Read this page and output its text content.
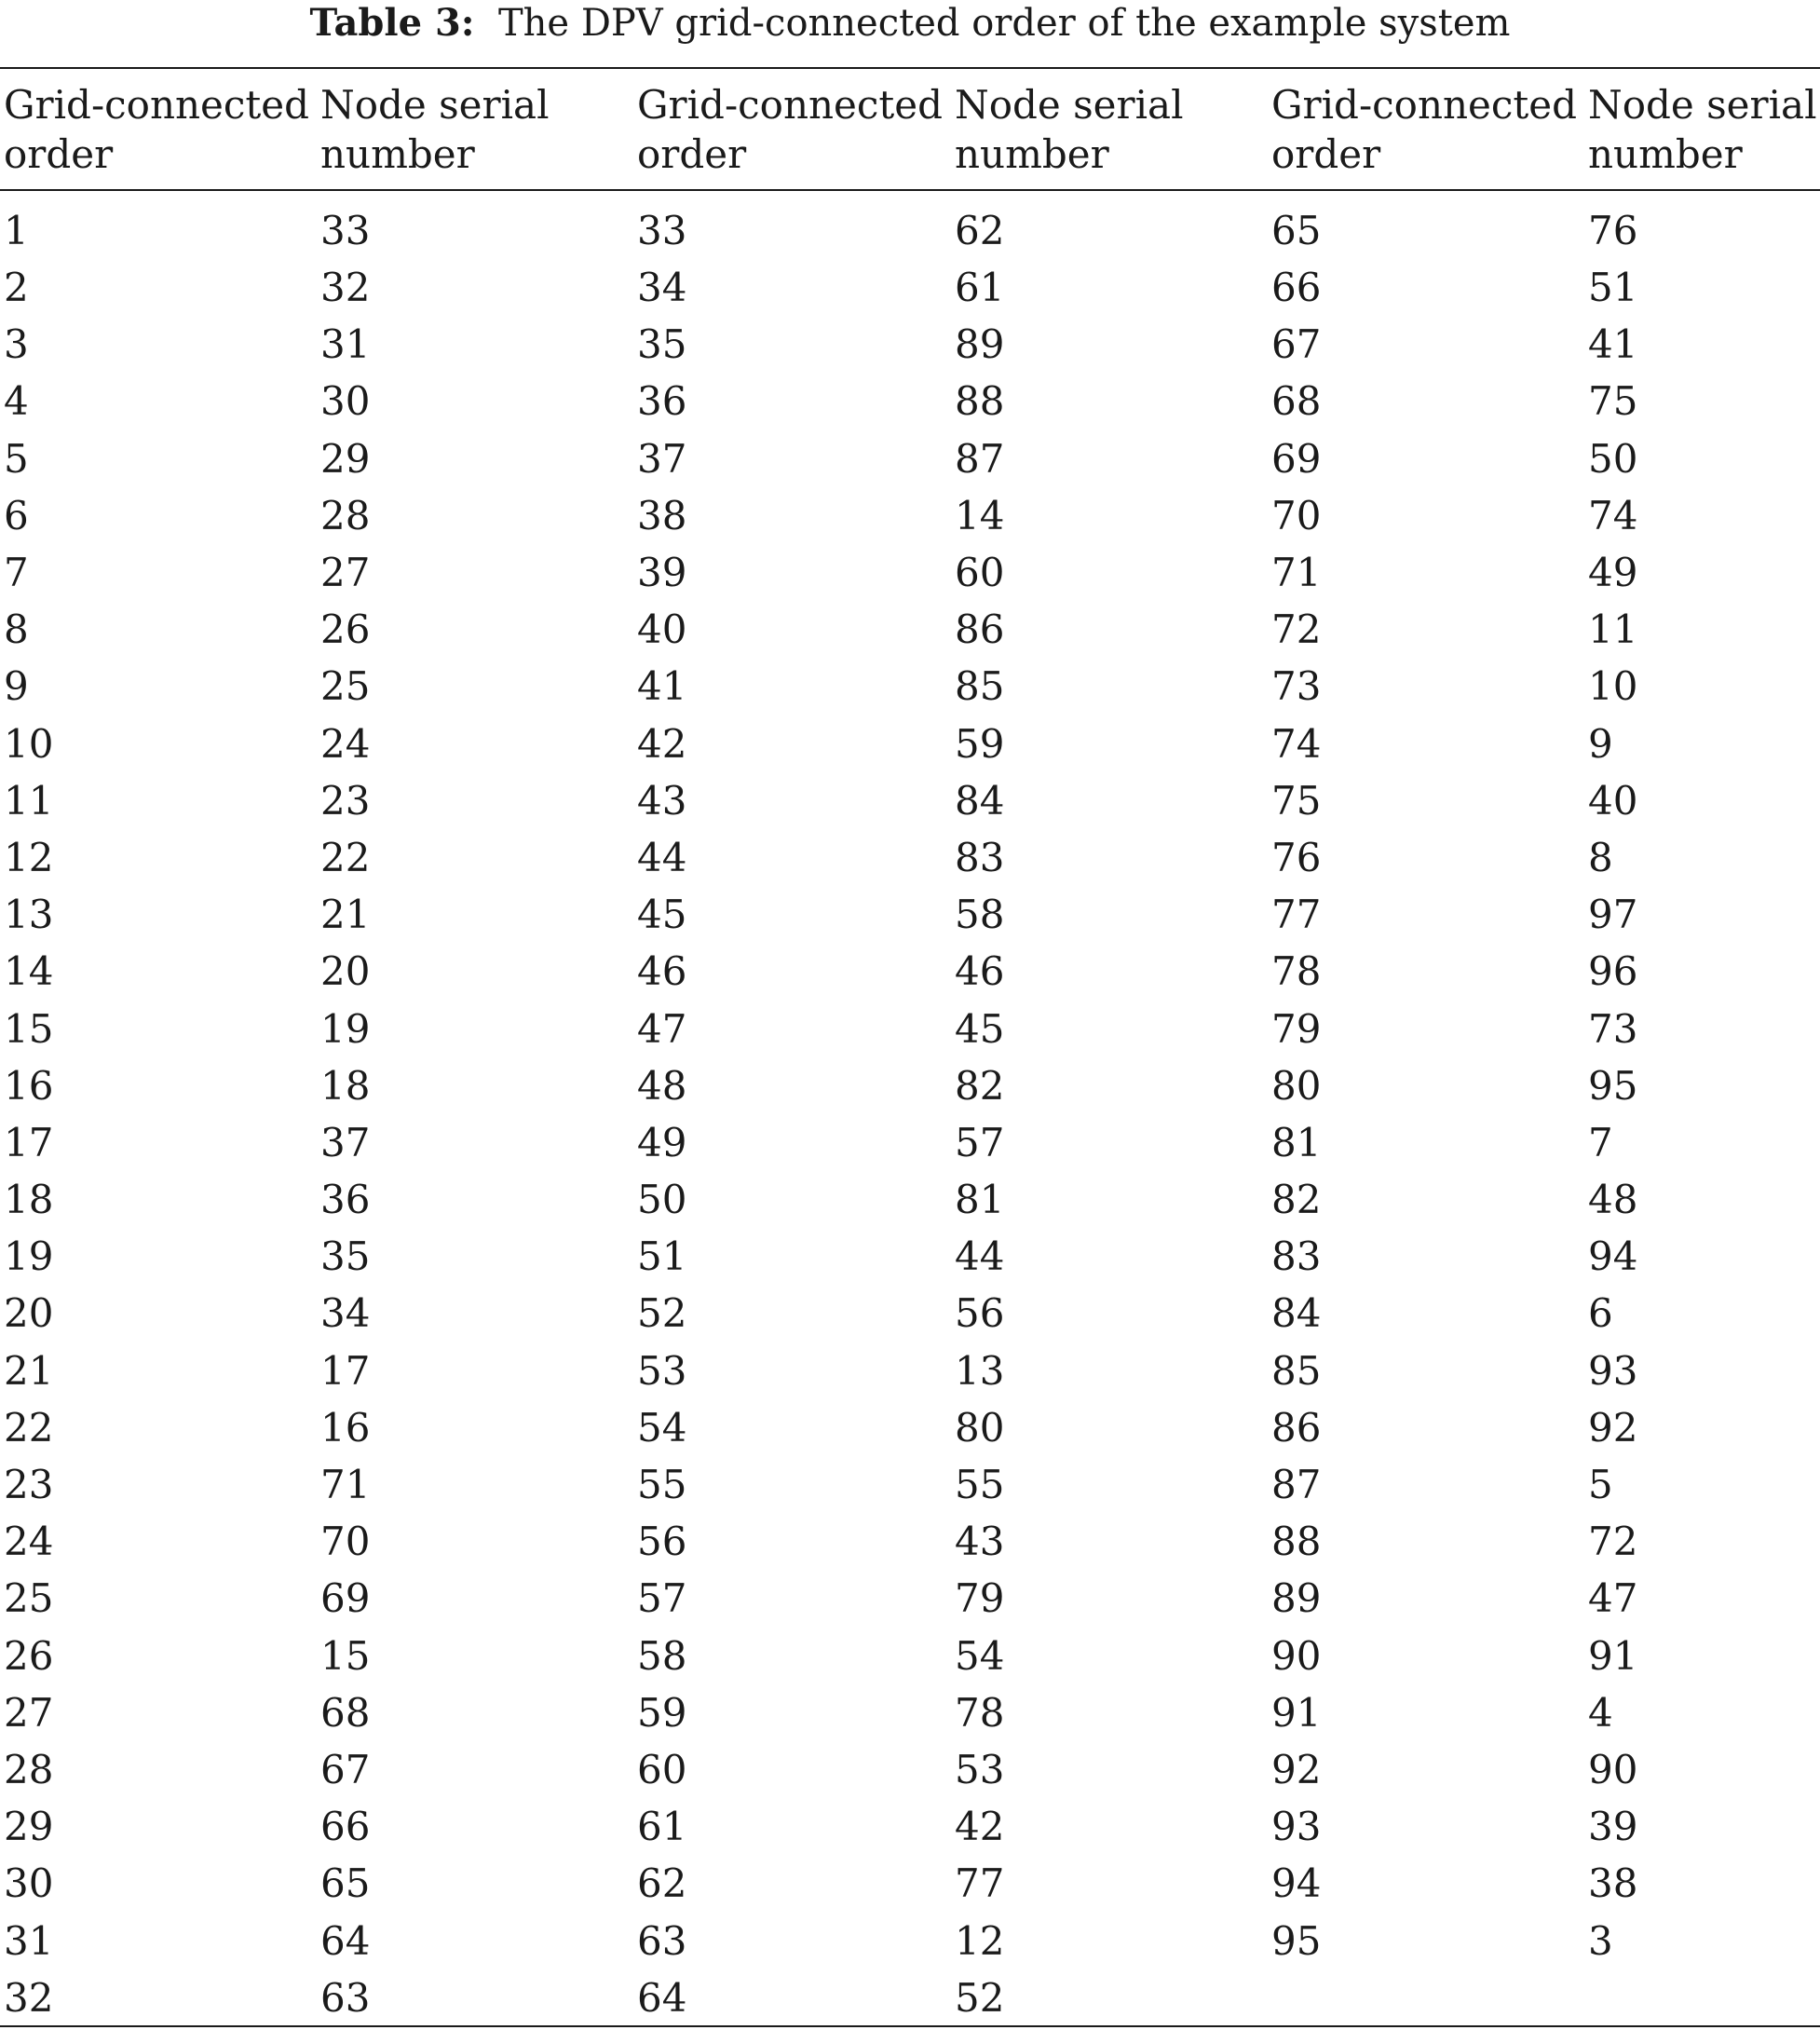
Table 3: The DPV grid-connected order of the example system
Grid-connected order	Node serial number	Grid-connected order	Node serial number	Grid-connected order	Node serial number
1	33	33	62	65	76
2	32	34	61	66	51
3	31	35	89	67	41
4	30	36	88	68	75
5	29	37	87	69	50
6	28	38	14	70	74
7	27	39	60	71	49
8	26	40	86	72	11
9	25	41	85	73	10
10	24	42	59	74	9
11	23	43	84	75	40
12	22	44	83	76	8
13	21	45	58	77	97
14	20	46	46	78	96
15	19	47	45	79	73
16	18	48	82	80	95
17	37	49	57	81	7
18	36	50	81	82	48
19	35	51	44	83	94
20	34	52	56	84	6
21	17	53	13	85	93
22	16	54	80	86	92
23	71	55	55	87	5
24	70	56	43	88	72
25	69	57	79	89	47
26	15	58	54	90	91
27	68	59	78	91	4
28	67	60	53	92	90
29	66	61	42	93	39
30	65	62	77	94	38
31	64	63	12	95	3
32	63	64	52		
